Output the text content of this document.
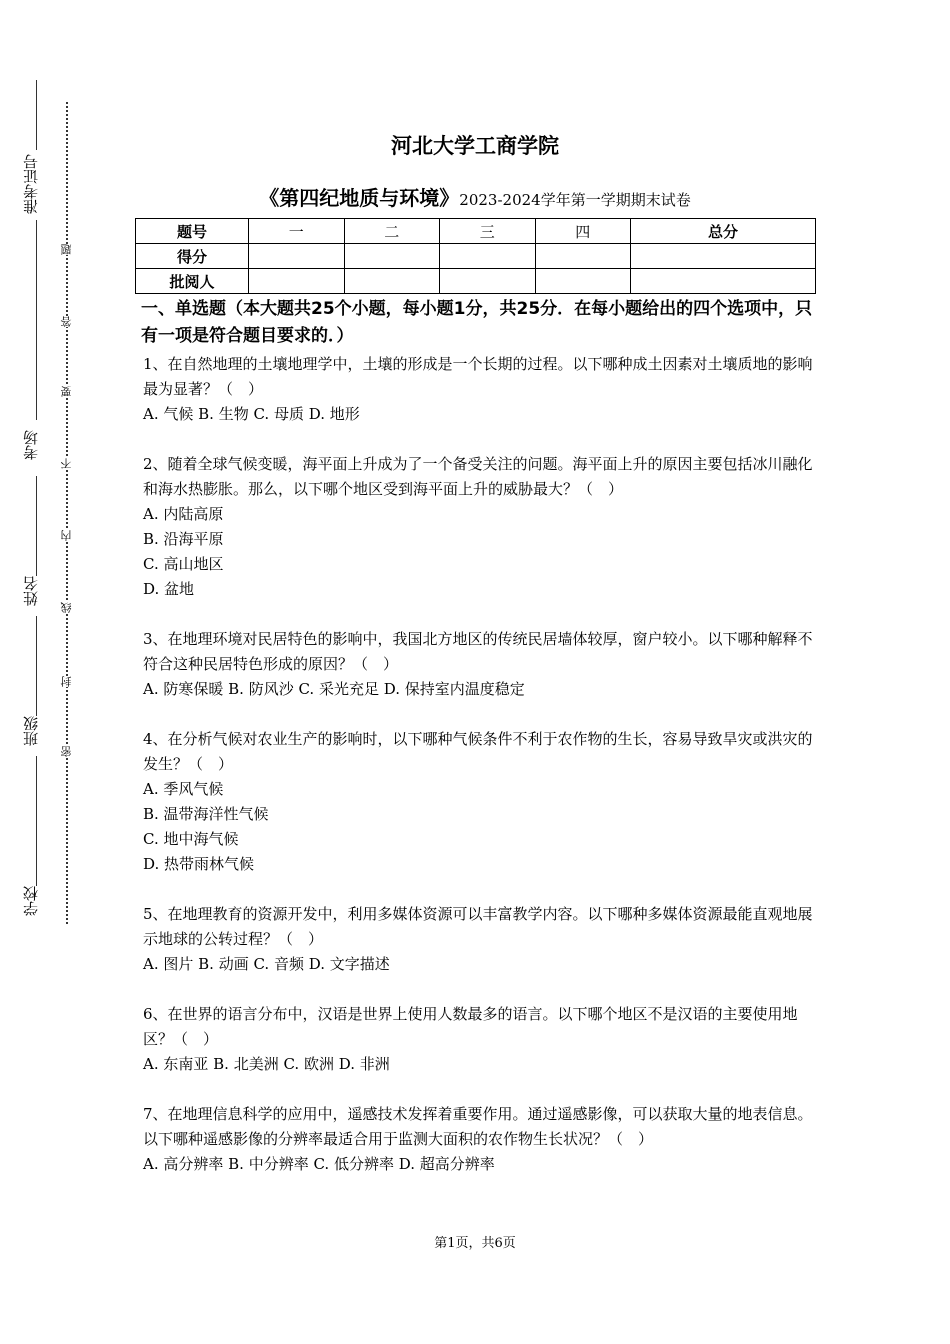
准考证号
考场
姓名
班级
学校
密
封
线
内
不
要
答
题
河北大学工商学院
《第四纪地质与环境》2023-2024学年第一学期期末试卷
题号	一	二	三	四	总分
得分					
批阅人					
一、单选题（本大题共25个小题，每小题1分，共25分．在每小题给出的四个选项中，只有一项是符合题目要求的．）
1、在自然地理的土壤地理学中，土壤的形成是一个长期的过程。以下哪种成土因素对土壤质地的影响最为显著？（　）
A. 气候 B. 生物 C. 母质 D. 地形
2、随着全球气候变暖，海平面上升成为了一个备受关注的问题。海平面上升的原因主要包括冰川融化和海水热膨胀。那么，以下哪个地区受到海平面上升的威胁最大？（　）
A. 内陆高原
B. 沿海平原
C. 高山地区
D. 盆地
3、在地理环境对民居特色的影响中，我国北方地区的传统民居墙体较厚，窗户较小。以下哪种解释不符合这种民居特色形成的原因？（　）
A. 防寒保暖 B. 防风沙 C. 采光充足 D. 保持室内温度稳定
4、在分析气候对农业生产的影响时，以下哪种气候条件不利于农作物的生长，容易导致旱灾或洪灾的发生？（　）
A. 季风气候
B. 温带海洋性气候
C. 地中海气候
D. 热带雨林气候
5、在地理教育的资源开发中，利用多媒体资源可以丰富教学内容。以下哪种多媒体资源最能直观地展示地球的公转过程？（　）
A. 图片 B. 动画 C. 音频 D. 文字描述
6、在世界的语言分布中，汉语是世界上使用人数最多的语言。以下哪个地区不是汉语的主要使用地区？（　）
A. 东南亚 B. 北美洲 C. 欧洲 D. 非洲
7、在地理信息科学的应用中，遥感技术发挥着重要作用。通过遥感影像，可以获取大量的地表信息。以下哪种遥感影像的分辨率最适合用于监测大面积的农作物生长状况？（　）
A. 高分辨率 B. 中分辨率 C. 低分辨率 D. 超高分辨率
第1页，共6页
